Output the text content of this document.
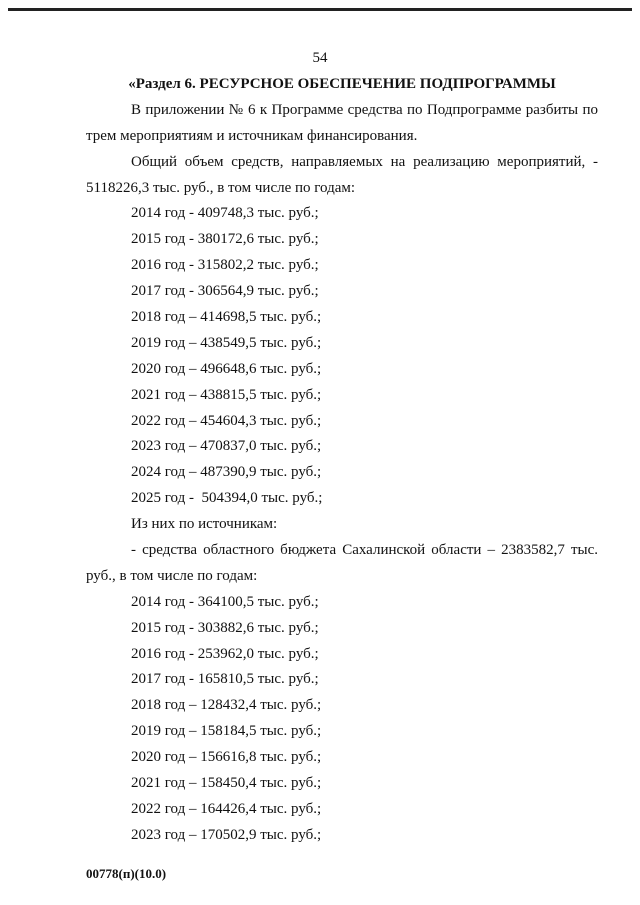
54
«Раздел 6. РЕСУРСНОЕ ОБЕСПЕЧЕНИЕ ПОДПРОГРАММЫ
В приложении № 6 к Программе средства по Подпрограмме разбиты по
трем мероприятиям и источникам финансирования.
Общий объем средств, направляемых на реализацию мероприятий, -
5118226,3 тыс. руб., в том числе по годам:
2014 год - 409748,3 тыс. руб.;
2015 год - 380172,6 тыс. руб.;
2016 год - 315802,2 тыс. руб.;
2017 год - 306564,9 тыс. руб.;
2018 год – 414698,5 тыс. руб.;
2019 год – 438549,5 тыс. руб.;
2020 год – 496648,6 тыс. руб.;
2021 год – 438815,5 тыс. руб.;
2022 год – 454604,3 тыс. руб.;
2023 год – 470837,0 тыс. руб.;
2024 год – 487390,9 тыс. руб.;
2025 год -  504394,0 тыс. руб.;
Из них по источникам:
- средства областного бюджета Сахалинской области – 2383582,7 тыс.
руб., в том числе по годам:
2014 год - 364100,5 тыс. руб.;
2015 год - 303882,6 тыс. руб.;
2016 год - 253962,0 тыс. руб.;
2017 год - 165810,5 тыс. руб.;
2018 год – 128432,4 тыс. руб.;
2019 год – 158184,5 тыс. руб.;
2020 год – 156616,8 тыс. руб.;
2021 год – 158450,4 тыс. руб.;
2022 год – 164426,4 тыс. руб.;
2023 год – 170502,9 тыс. руб.;
00778(п)(10.0)
